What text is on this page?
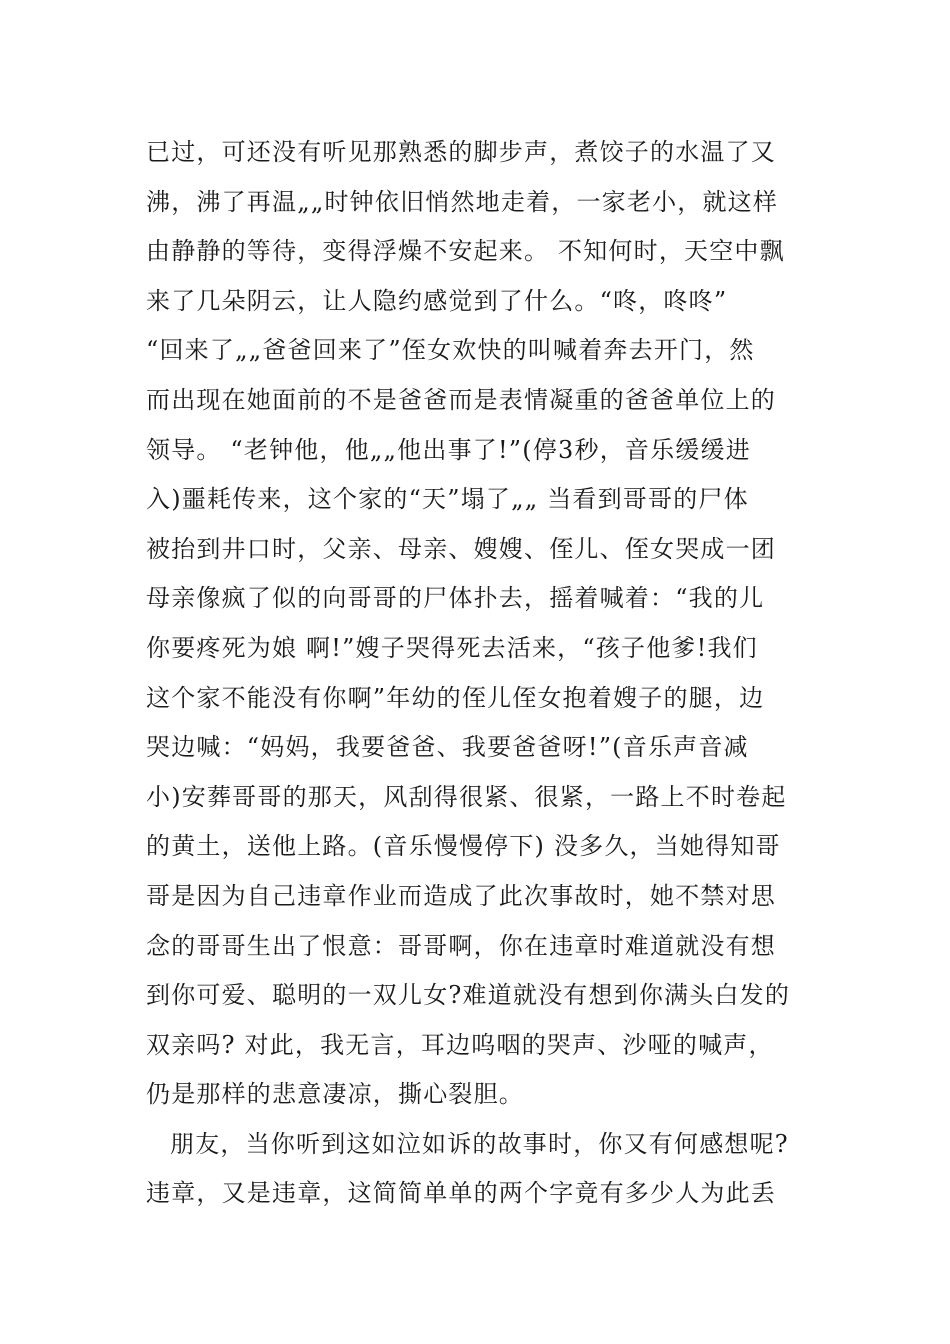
已过，可还没有听见那熟悉的脚步声，煮饺子的水温了又
沸，沸了再温„„时钟依旧悄然地走着，一家老小，就这样
由静静的等待，变得浮燥不安起来。 不知何时，天空中飘
来了几朵阴云，让人隐约感觉到了什么。“咚，咚咚”
“回来了„„爸爸回来了”侄女欢快的叫喊着奔去开门，然
而出现在她面前的不是爸爸而是表情凝重的爸爸单位上的
领导。 “老钟他，他„„他出事了!”(停3秒，音乐缓缓进
入)噩耗传来，这个家的“天”塌了„„ 当看到哥哥的尸体
被抬到井口时，父亲、母亲、嫂嫂、侄儿、侄女哭成一团
母亲像疯了似的向哥哥的尸体扑去，摇着喊着：“我的儿
你要疼死为娘 啊!”嫂子哭得死去活来，“孩子他爹!我们
这个家不能没有你啊”年幼的侄儿侄女抱着嫂子的腿，边
哭边喊：“妈妈，我要爸爸、我要爸爸呀!”(音乐声音减
小)安葬哥哥的那天，风刮得很紧、很紧，一路上不时卷起
的黄土，送他上路。(音乐慢慢停下) 没多久，当她得知哥
哥是因为自己违章作业而造成了此次事故时，她不禁对思
念的哥哥生出了恨意：哥哥啊，你在违章时难道就没有想
到你可爱、聪明的一双儿女?难道就没有想到你满头白发的
双亲吗? 对此，我无言，耳边呜咽的哭声、沙哑的喊声，
仍是那样的悲意凄凉，撕心裂胆。
朋友，当你听到这如泣如诉的故事时，你又有何感想呢?
违章，又是违章，这简简单单的两个字竟有多少人为此丢
